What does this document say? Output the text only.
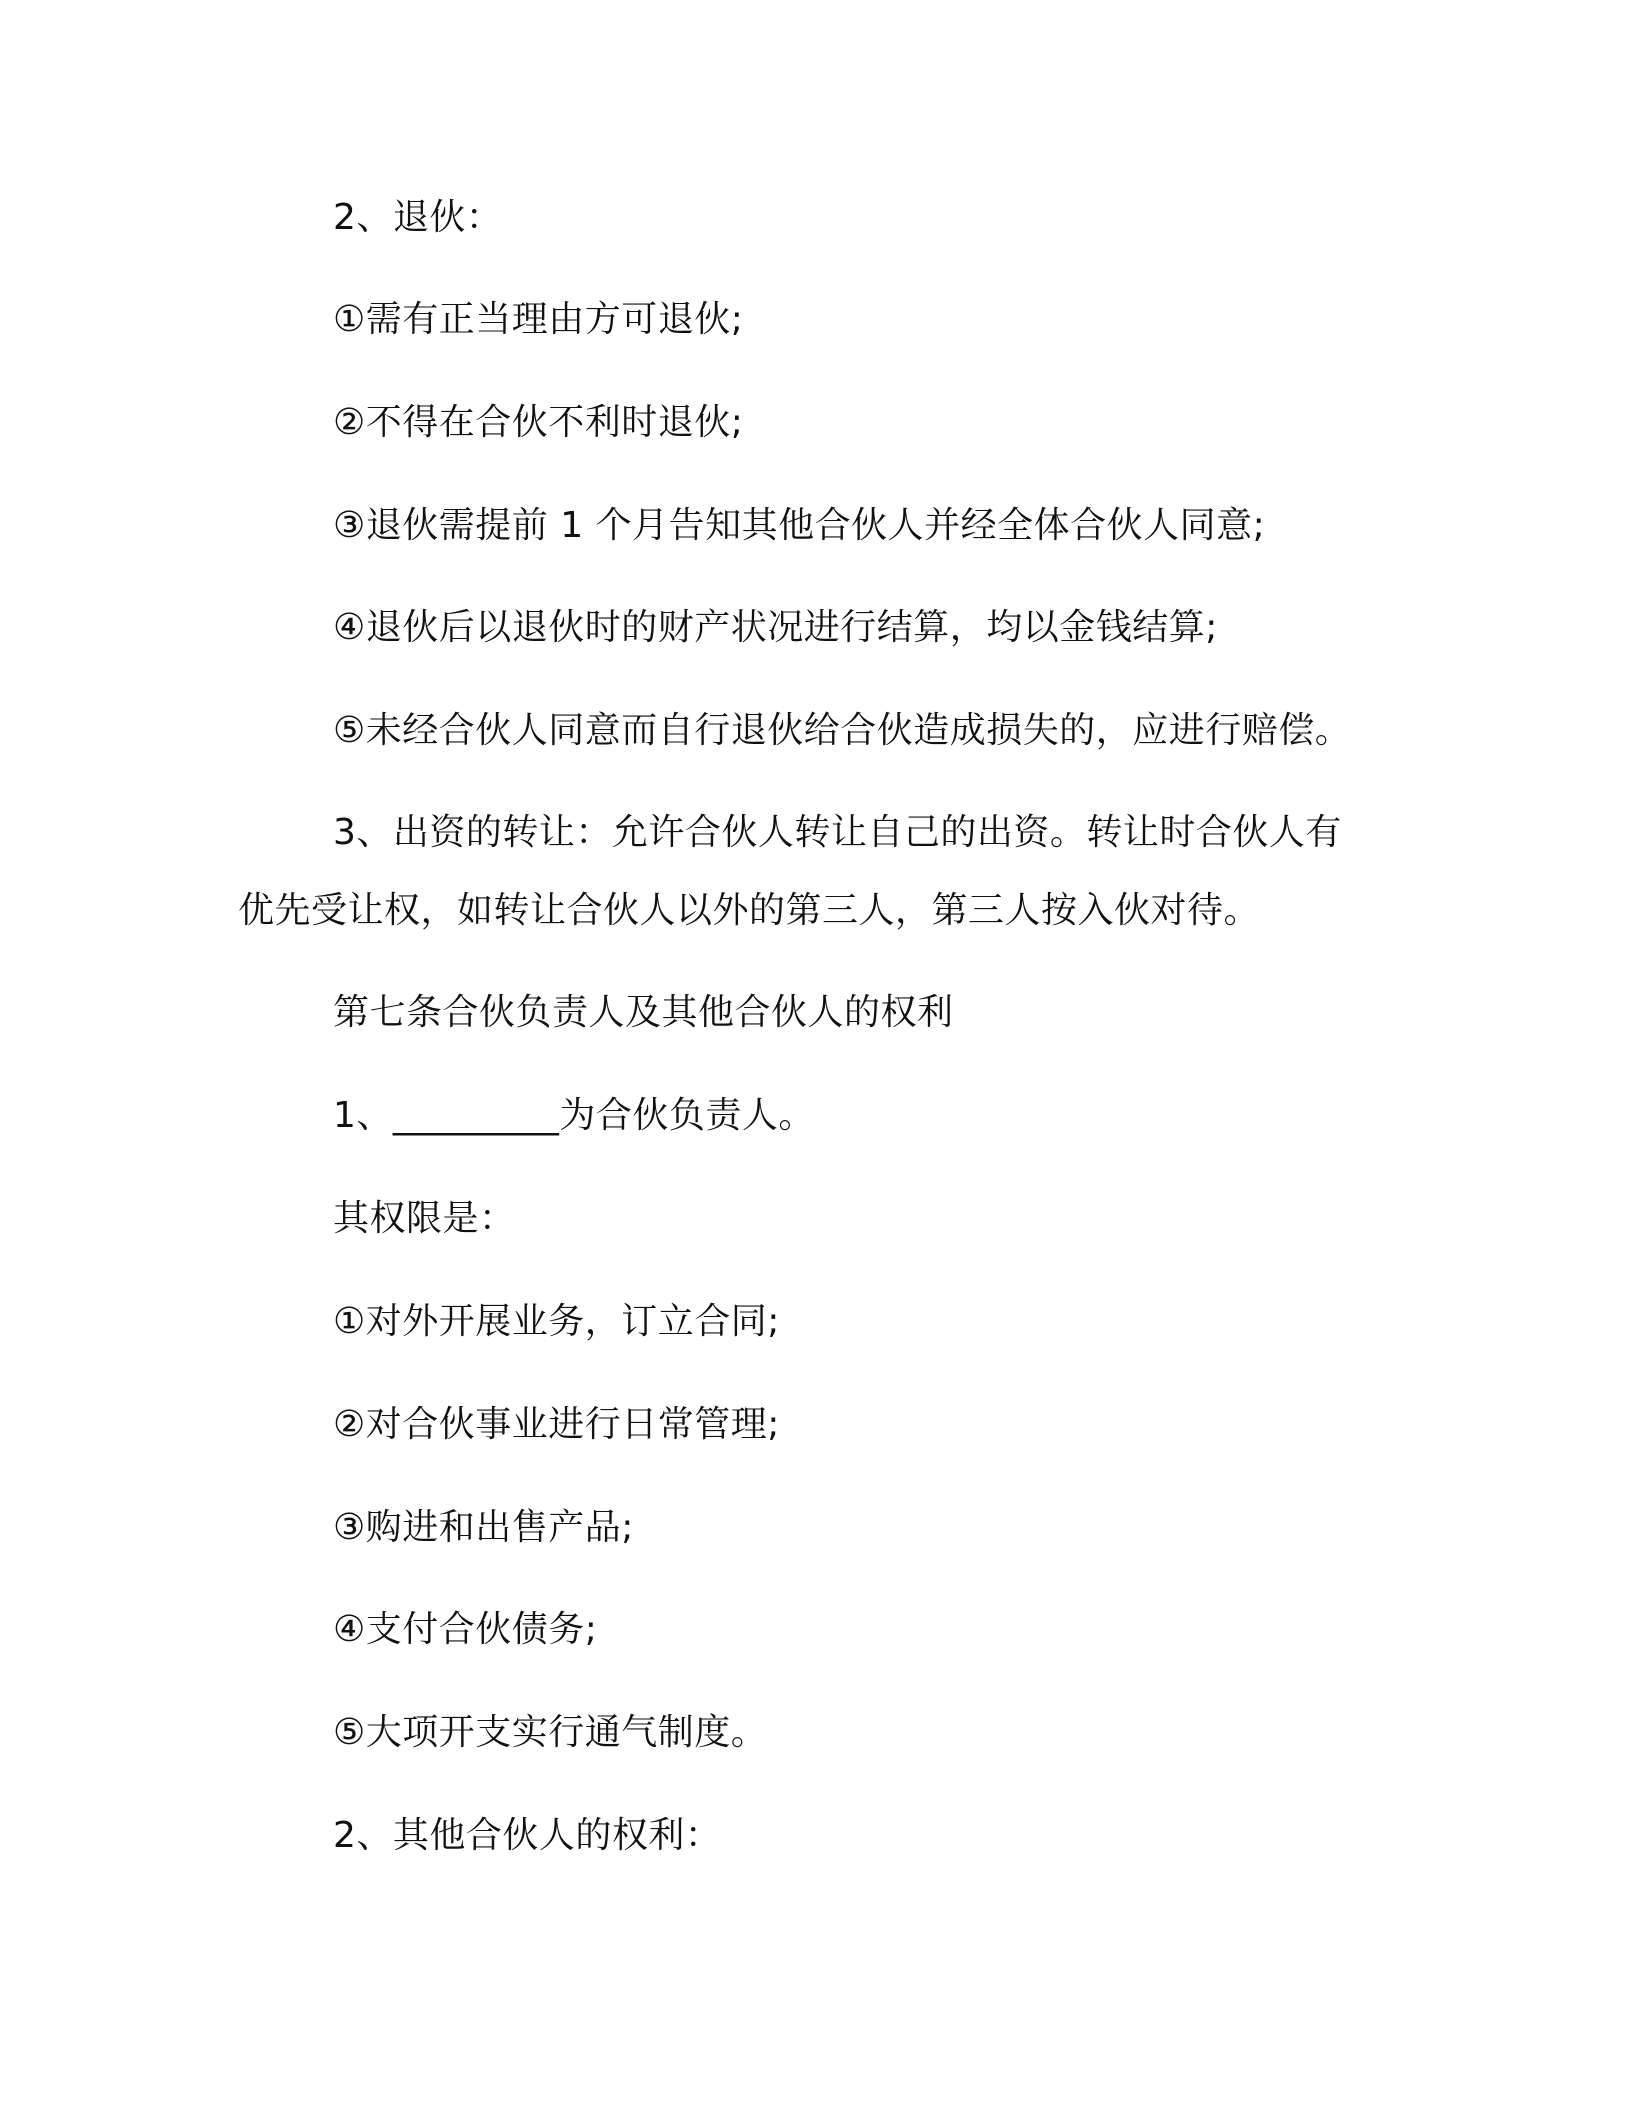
2、退伙：
①需有正当理由方可退伙;
②不得在合伙不利时退伙;
③退伙需提前 1 个月告知其他合伙人并经全体合伙人同意;
④退伙后以退伙时的财产状况进行结算，均以金钱结算;
⑤未经合伙人同意而自行退伙给合伙造成损失的，应进行赔偿。
3、出资的转让：允许合伙人转让自己的出资。转让时合伙人有
优先受让权，如转让合伙人以外的第三人，第三人按入伙对待。
第七条合伙负责人及其他合伙人的权利
1、_________为合伙负责人。
其权限是：
①对外开展业务，订立合同;
②对合伙事业进行日常管理;
③购进和出售产品;
④支付合伙债务;
⑤大项开支实行通气制度。
2、其他合伙人的权利：
